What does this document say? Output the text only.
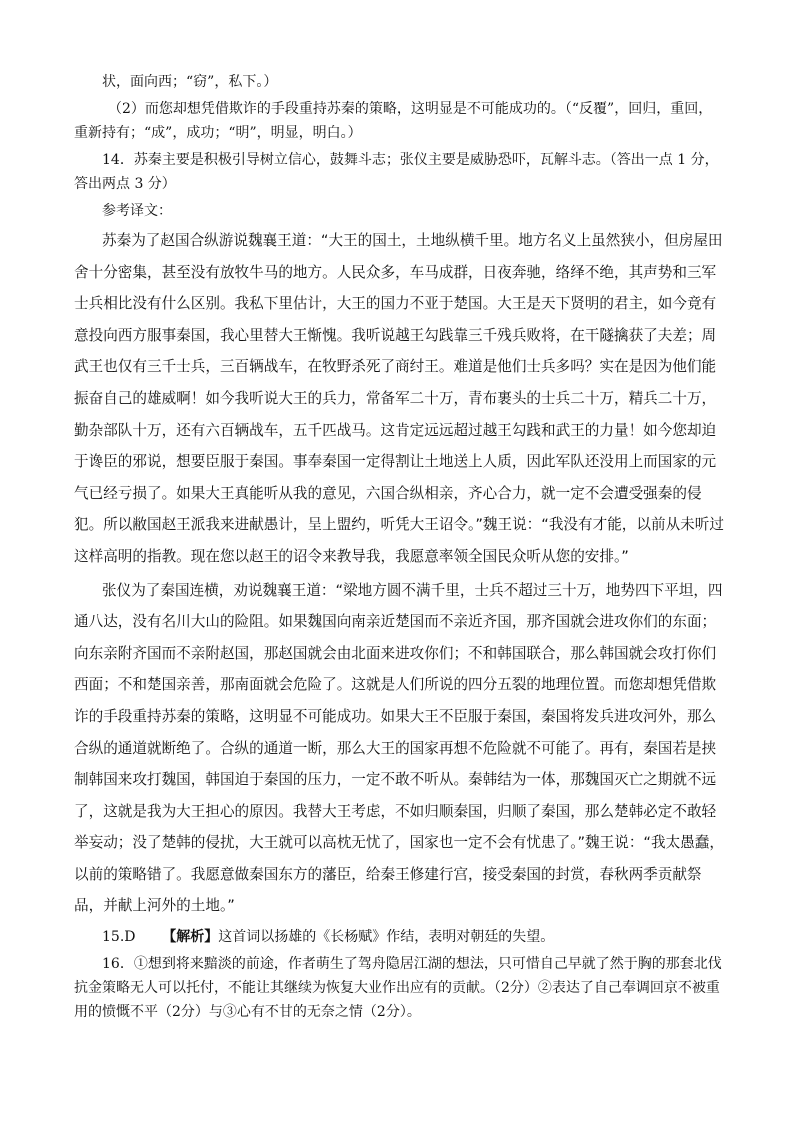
状，面向西；“窃”，私下。）

（2）而您却想凭借欺诈的手段重持苏秦的策略，这明显是不可能成功的。（“反覆”，回归，重回，重新持有；“成”，成功；“明”，明显，明白。）

14．苏秦主要是积极引导树立信心，鼓舞斗志；张仪主要是威胁恐吓，瓦解斗志。（答出一点 1 分，答出两点 3 分）

参考译文：

苏秦为了赵国合纵游说魏襄王道：“大王的国土，土地纵横千里。地方名义上虽然狭小，但房屋田舍十分密集，甚至没有放牧牛马的地方。人民众多，车马成群，日夜奔驰，络绎不绝，其声势和三军士兵相比没有什么区别。我私下里估计，大王的国力不亚于楚国。大王是天下贤明的君主，如今竟有意投向西方服事秦国，我心里替大王惭愧。我听说越王勾践靠三千残兵败将，在干隧擒获了夫差；周武王也仅有三千士兵，三百辆战车，在牧野杀死了商纣王。难道是他们士兵多吗？实在是因为他们能振奋自己的雄威啊！如今我听说大王的兵力，常备军二十万，青布裹头的士兵二十万，精兵二十万，勤杂部队十万，还有六百辆战车，五千匹战马。这肯定远远超过越王勾践和武王的力量！如今您却迫于谗臣的邪说，想要臣服于秦国。事奉秦国一定得割让土地送上人质，因此军队还没用上而国家的元气已经亏损了。如果大王真能听从我的意见，六国合纵相亲，齐心合力，就一定不会遭受强秦的侵犯。所以敝国赵王派我来进献愚计，呈上盟约，听凭大王诏令。”魏王说：“我没有才能，以前从未听过这样高明的指教。现在您以赵王的诏令来教导我，我愿意率领全国民众听从您的安排。”

张仪为了秦国连横，劝说魏襄王道：“梁地方圆不满千里，士兵不超过三十万，地势四下平坦，四通八达，没有名川大山的险阻。如果魏国向南亲近楚国而不亲近齐国，那齐国就会进攻你们的东面；向东亲附齐国而不亲附赵国，那赵国就会由北面来进攻你们；不和韩国联合，那么韩国就会攻打你们西面；不和楚国亲善，那南面就会危险了。这就是人们所说的四分五裂的地理位置。而您却想凭借欺诈的手段重持苏秦的策略，这明显不可能成功。如果大王不臣服于秦国，秦国将发兵进攻河外，那么合纵的通道就断绝了。合纵的通道一断，那么大王的国家再想不危险就不可能了。再有，秦国若是挟制韩国来攻打魏国，韩国迫于秦国的压力，一定不敢不听从。秦韩结为一体，那魏国灭亡之期就不远了，这就是我为大王担心的原因。我替大王考虑，不如归顺秦国，归顺了秦国，那么楚韩必定不敢轻举妄动；没了楚韩的侵扰，大王就可以高枕无忧了，国家也一定不会有忧患了。”魏王说：“我太愚蠢，以前的策略错了。我愿意做秦国东方的藩臣，给秦王修建行宫，接受秦国的封赏，春秋两季贡献祭品，并献上河外的土地。”

15.D 【解析】这首词以扬雄的《长杨赋》作结，表明对朝廷的失望。

16．①想到将来黯淡的前途，作者萌生了驾舟隐居江湖的想法，只可惜自己早就了然于胸的那套北伐抗金策略无人可以托付，不能让其继续为恢复大业作出应有的贡献。（2分）②表达了自己奉调回京不被重用的愤慨不平（2分）与③心有不甘的无奈之情（2分）。
